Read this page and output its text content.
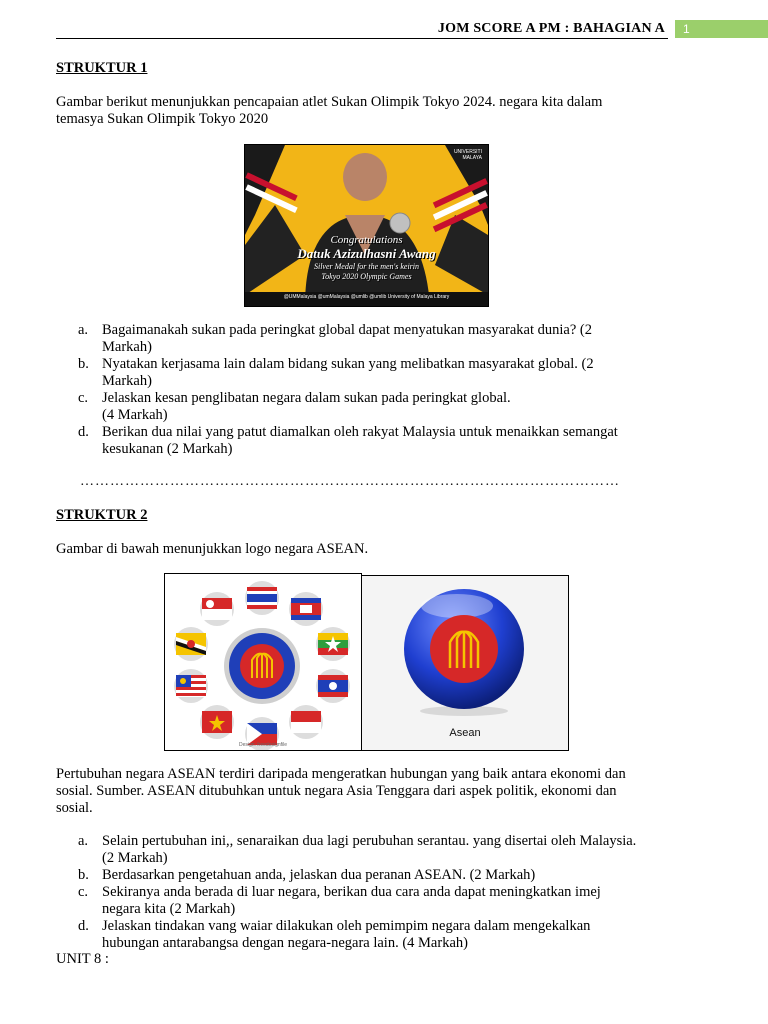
JOM SCORE A PM : BAHAGIAN A	1
STRUKTUR 1
Gambar berikut menunjukkan pencapaian atlet Sukan Olimpik Tokyo 2024. negara kita dalam
temasya Sukan Olimpik Tokyo 2020
UNIVERSITI MALAYA
Congratulations
Datuk Azizulhasni Awang
Silver Medal for the men's keirin
Tokyo 2020 Olympic Games
@UMMalaysia @umMalaysia @umlib @umlib University of Malaya Library
a. Bagaimanakah sukan pada peringkat global dapat menyatukan masyarakat dunia? (2
Markah)
b. Nyatakan kerjasama lain dalam bidang sukan yang melibatkan masyarakat global. (2
Markah)
c. Jelaskan kesan penglibatan negara dalam sukan pada peringkat global.
(4 Markah)
d. Berikan dua nilai yang patut diamalkan oleh rakyat Malaysia untuk menaikkan semangat
kesukanan (2 Markah)
………………………………………………………………………………………………
STRUKTUR 2
Gambar di bawah menunjukkan logo negara ASEAN.
Design: freedesignfile
Asean
Pertubuhan negara ASEAN terdiri daripada mengeratkan hubungan yang baik antara ekonomi dan
sosial. Sumber. ASEAN ditubuhkan untuk negara Asia Tenggara dari aspek politik, ekonomi dan
sosial.
a. Selain pertubuhan ini,, senaraikan dua lagi perubuhan serantau. yang disertai oleh Malaysia.
(2 Markah)
b. Berdasarkan pengetahuan anda, jelaskan dua peranan ASEAN. (2 Markah)
c. Sekiranya anda berada di luar negara, berikan dua cara anda dapat meningkatkan imej
negara kita (2 Markah)
d. Jelaskan tindakan vang waiar dilakukan oleh pemimpim negara dalam mengekalkan
hubungan antarabangsa dengan negara-negara lain. (4 Markah)
UNIT 8 :
